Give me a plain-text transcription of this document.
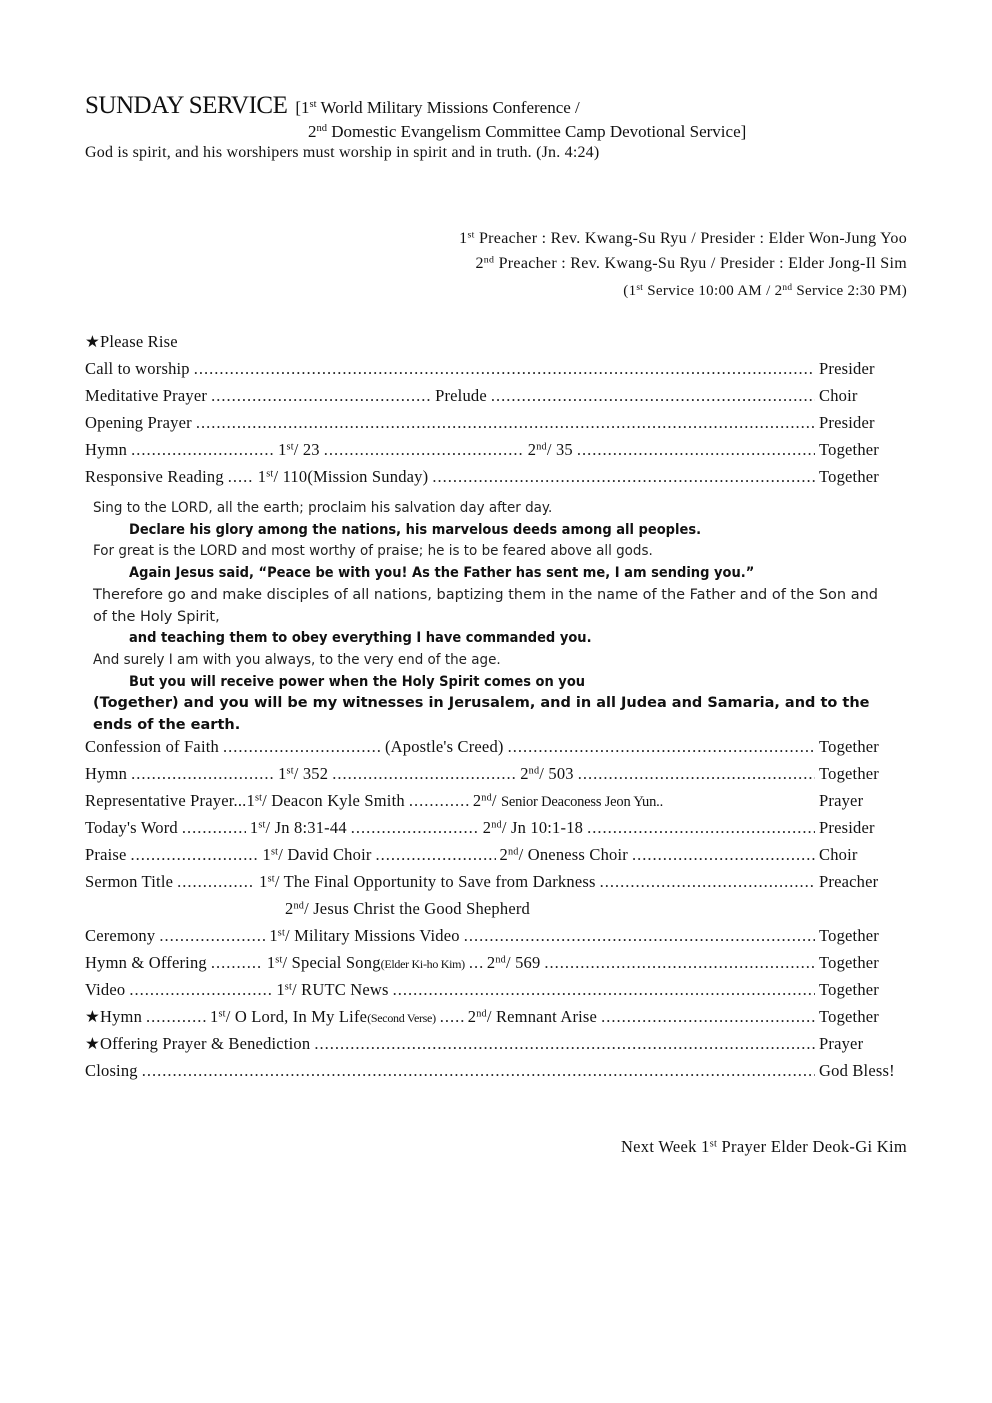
SUNDAY SERVICE [1st World Military Missions Conference /
2nd Domestic Evangelism Committee Camp Devotional Service]
God is spirit, and his worshipers must worship in spirit and in truth. (Jn. 4:24)
1st Preacher : Rev. Kwang-Su Ryu / Presider : Elder Won-Jung Yoo
2nd Preacher : Rev. Kwang-Su Ryu / Presider : Elder Jong-Il Sim
(1st Service 10:00 AM / 2nd Service 2:30 PM)
★Please Rise
Call to worship .....	Presider
Meditative Prayer .....	Prelude .....	Choir
Opening Prayer .....	Presider
Hymn .....	1st/ 23 .....	2nd/ 35 .....	Together
Responsive Reading ..... 1st/ 110(Mission Sunday) .....	Together

Sing to the LORD, all the earth; proclaim his salvation day after day.

Declare his glory among the nations, his marvelous deeds among all peoples.

For great is the LORD and most worthy of praise; he is to be feared above all gods.

Again Jesus said, “Peace be with you! As the Father has sent me, I am sending you.”

Therefore go and make disciples of all nations, baptizing them in the name of the Father and of the Son and of the Holy Spirit,

and teaching them to obey everything I have commanded you.

And surely I am with you always, to the very end of the age.

But you will receive power when the Holy Spirit comes on you

(Together) and you will be my witnesses in Jerusalem, and in all Judea and Samaria, and to the ends of the earth.

Confession of Faith .....	(Apostle's Creed) .....	Together
Hymn .....	1st/ 352 .....	2nd/ 503 .....	Together
Representative Prayer... 1st/ Deacon Kyle Smith .....	2nd/ Senior Deaconess Jeon Yun..	Prayer
Today's Word .....	1st/ Jn 8:31-44 .....	2nd/ Jn 10:1-18 .....	Presider
Praise .....	1st/ David Choir .....	2nd/ Oneness Choir .....	Choir
Sermon Title .....	1st/ The Final Opportunity to Save from Darkness .....	Preacher
2nd/ Jesus Christ the Good Shepherd
Ceremony .....	1st/ Military Missions Video .....	Together
Hymn & Offering .....	1st/ Special Song(Elder Ki-ho Kim) ..... 2nd/ 569 .....	Together
Video .....	1st/ RUTC News .....	Together
★Hymn .....	1st/ O Lord, In My Life(Second Verse) ..... 2nd/ Remnant Arise .....	Together
★Offering Prayer & Benediction .....	Prayer
Closing .....	God Bless!
Next Week 1st Prayer Elder Deok-Gi Kim
